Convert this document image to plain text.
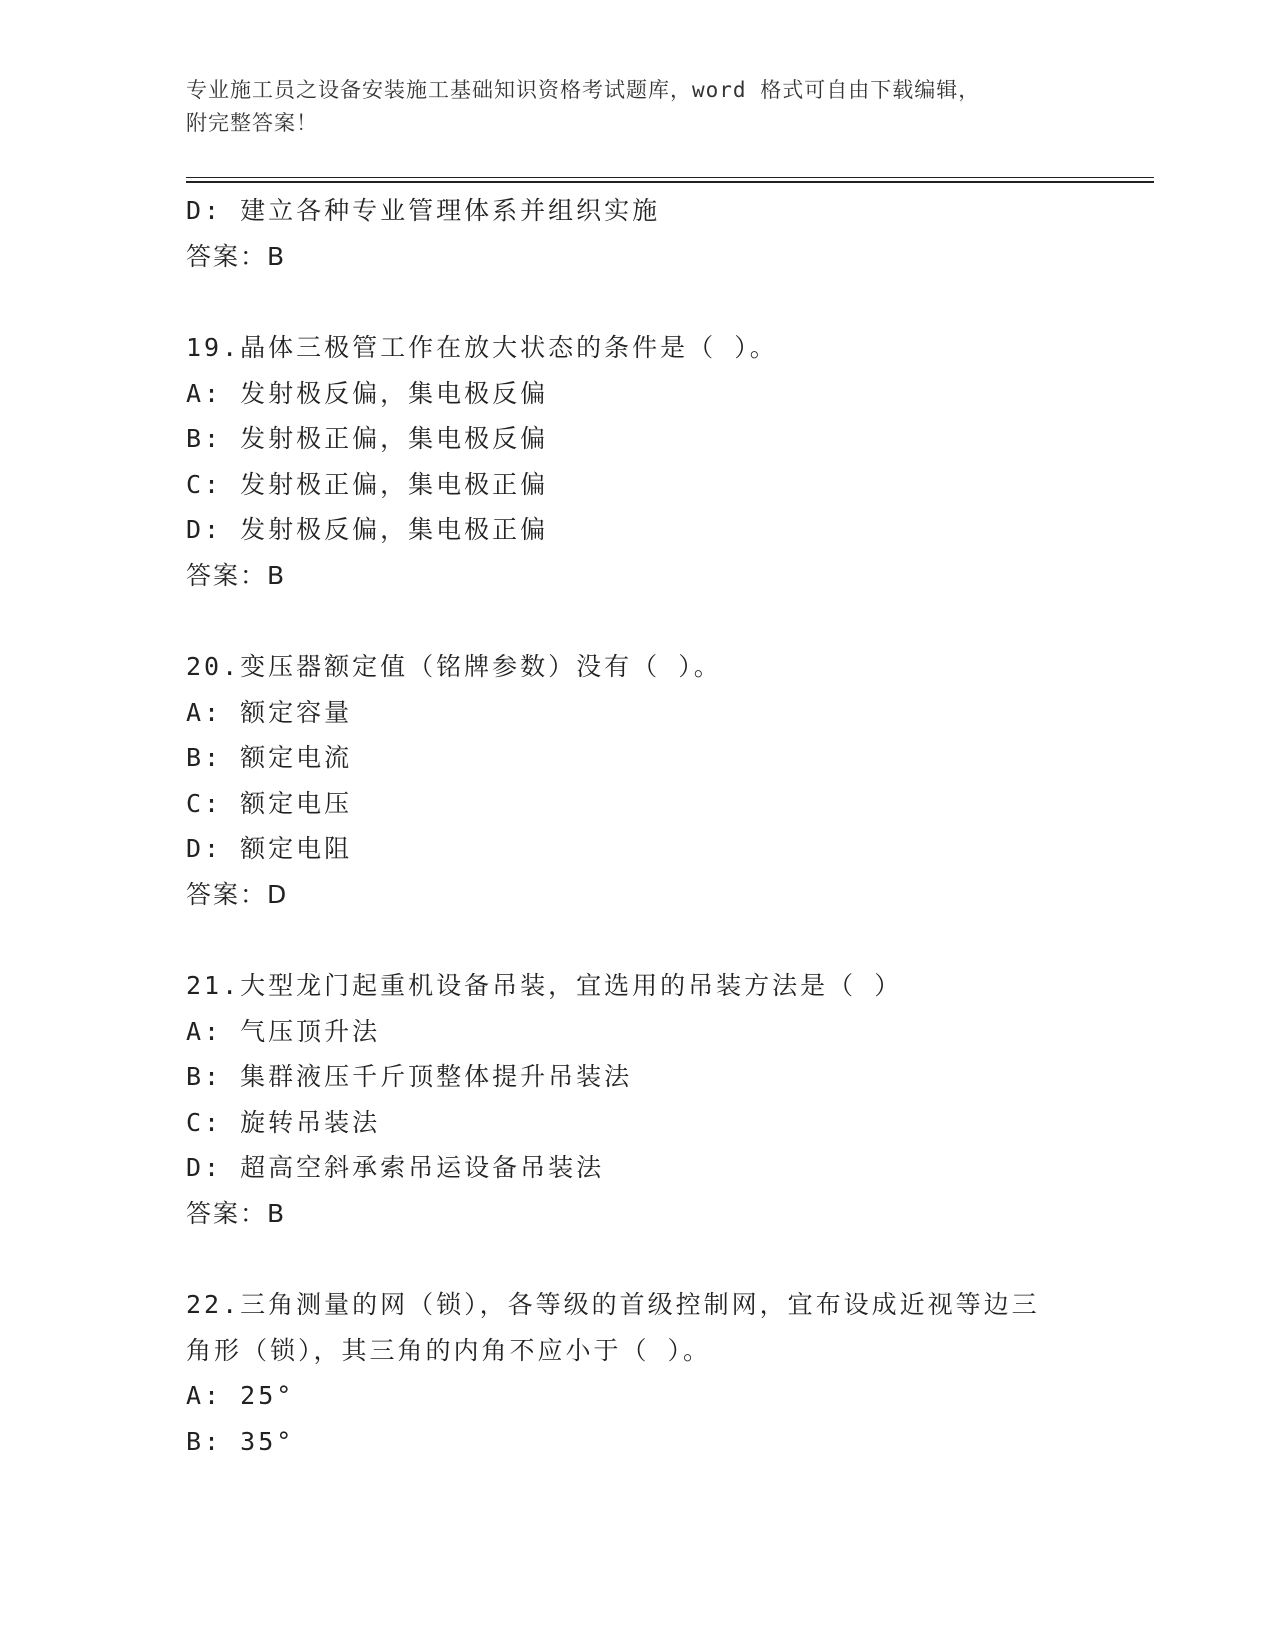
专业施工员之设备安装施工基础知识资格考试题库，word 格式可自由下载编辑，
附完整答案！
D: 建立各种专业管理体系并组织实施
答案：B
19.晶体三极管工作在放大状态的条件是（ ）。
A: 发射极反偏，集电极反偏
B: 发射极正偏，集电极反偏
C: 发射极正偏，集电极正偏
D: 发射极反偏，集电极正偏
答案：B
20.变压器额定值（铭牌参数）没有（ ）。
A: 额定容量
B: 额定电流
C: 额定电压
D: 额定电阻
答案：D
21.大型龙门起重机设备吊装，宜选用的吊装方法是（ ）
A: 气压顶升法
B: 集群液压千斤顶整体提升吊装法
C: 旋转吊装法
D: 超高空斜承索吊运设备吊装法
答案：B
22.三角测量的网（锁），各等级的首级控制网，宜布设成近视等边三
角形（锁），其三角的内角不应小于（ ）。
A: 25°
B: 35°
